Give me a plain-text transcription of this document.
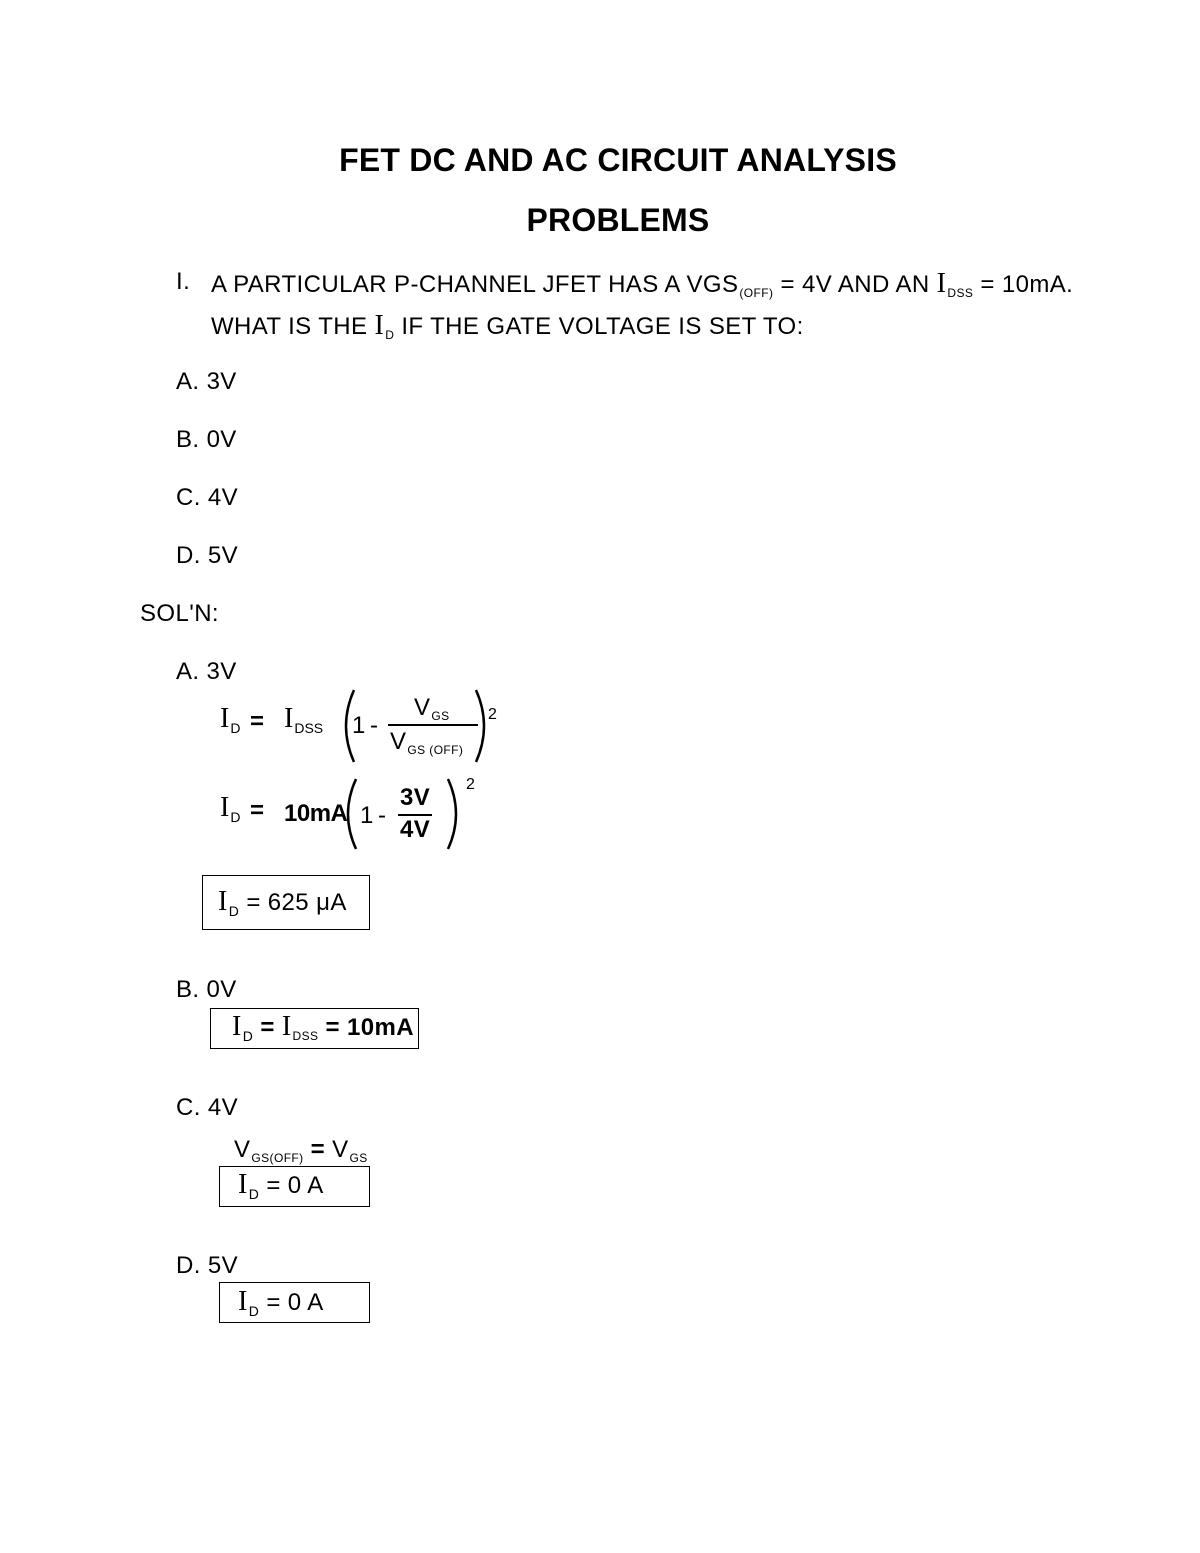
FET DC AND AC CIRCUIT ANALYSIS
PROBLEMS
I. A PARTICULAR P-CHANNEL JFET HAS A $VGS_{(OFF)} = 4V$ AND AN $I_{DSS} = 10mA$.
WHAT IS THE $I_D$ IF THE GATE VOLTAGE IS SET TO:
A. 3V
B. 0V
C. 4V
D. 5V
SOL'N:
A. 3V
$I_D = I_{DSS}$ 1 -
$V_{GS}$
$V_{GS (OFF)}$
2
$I_D = 10mA$ 1 -
3V
4V
2
$I_D = 625$ μA
B. 0V
$I_D = I_{DSS} = 10mA$
C. 4V
$V_{GS(OFF)} = V_{GS}$
$I_D = 0$ A
D. 5V
$I_D = 0$ A
